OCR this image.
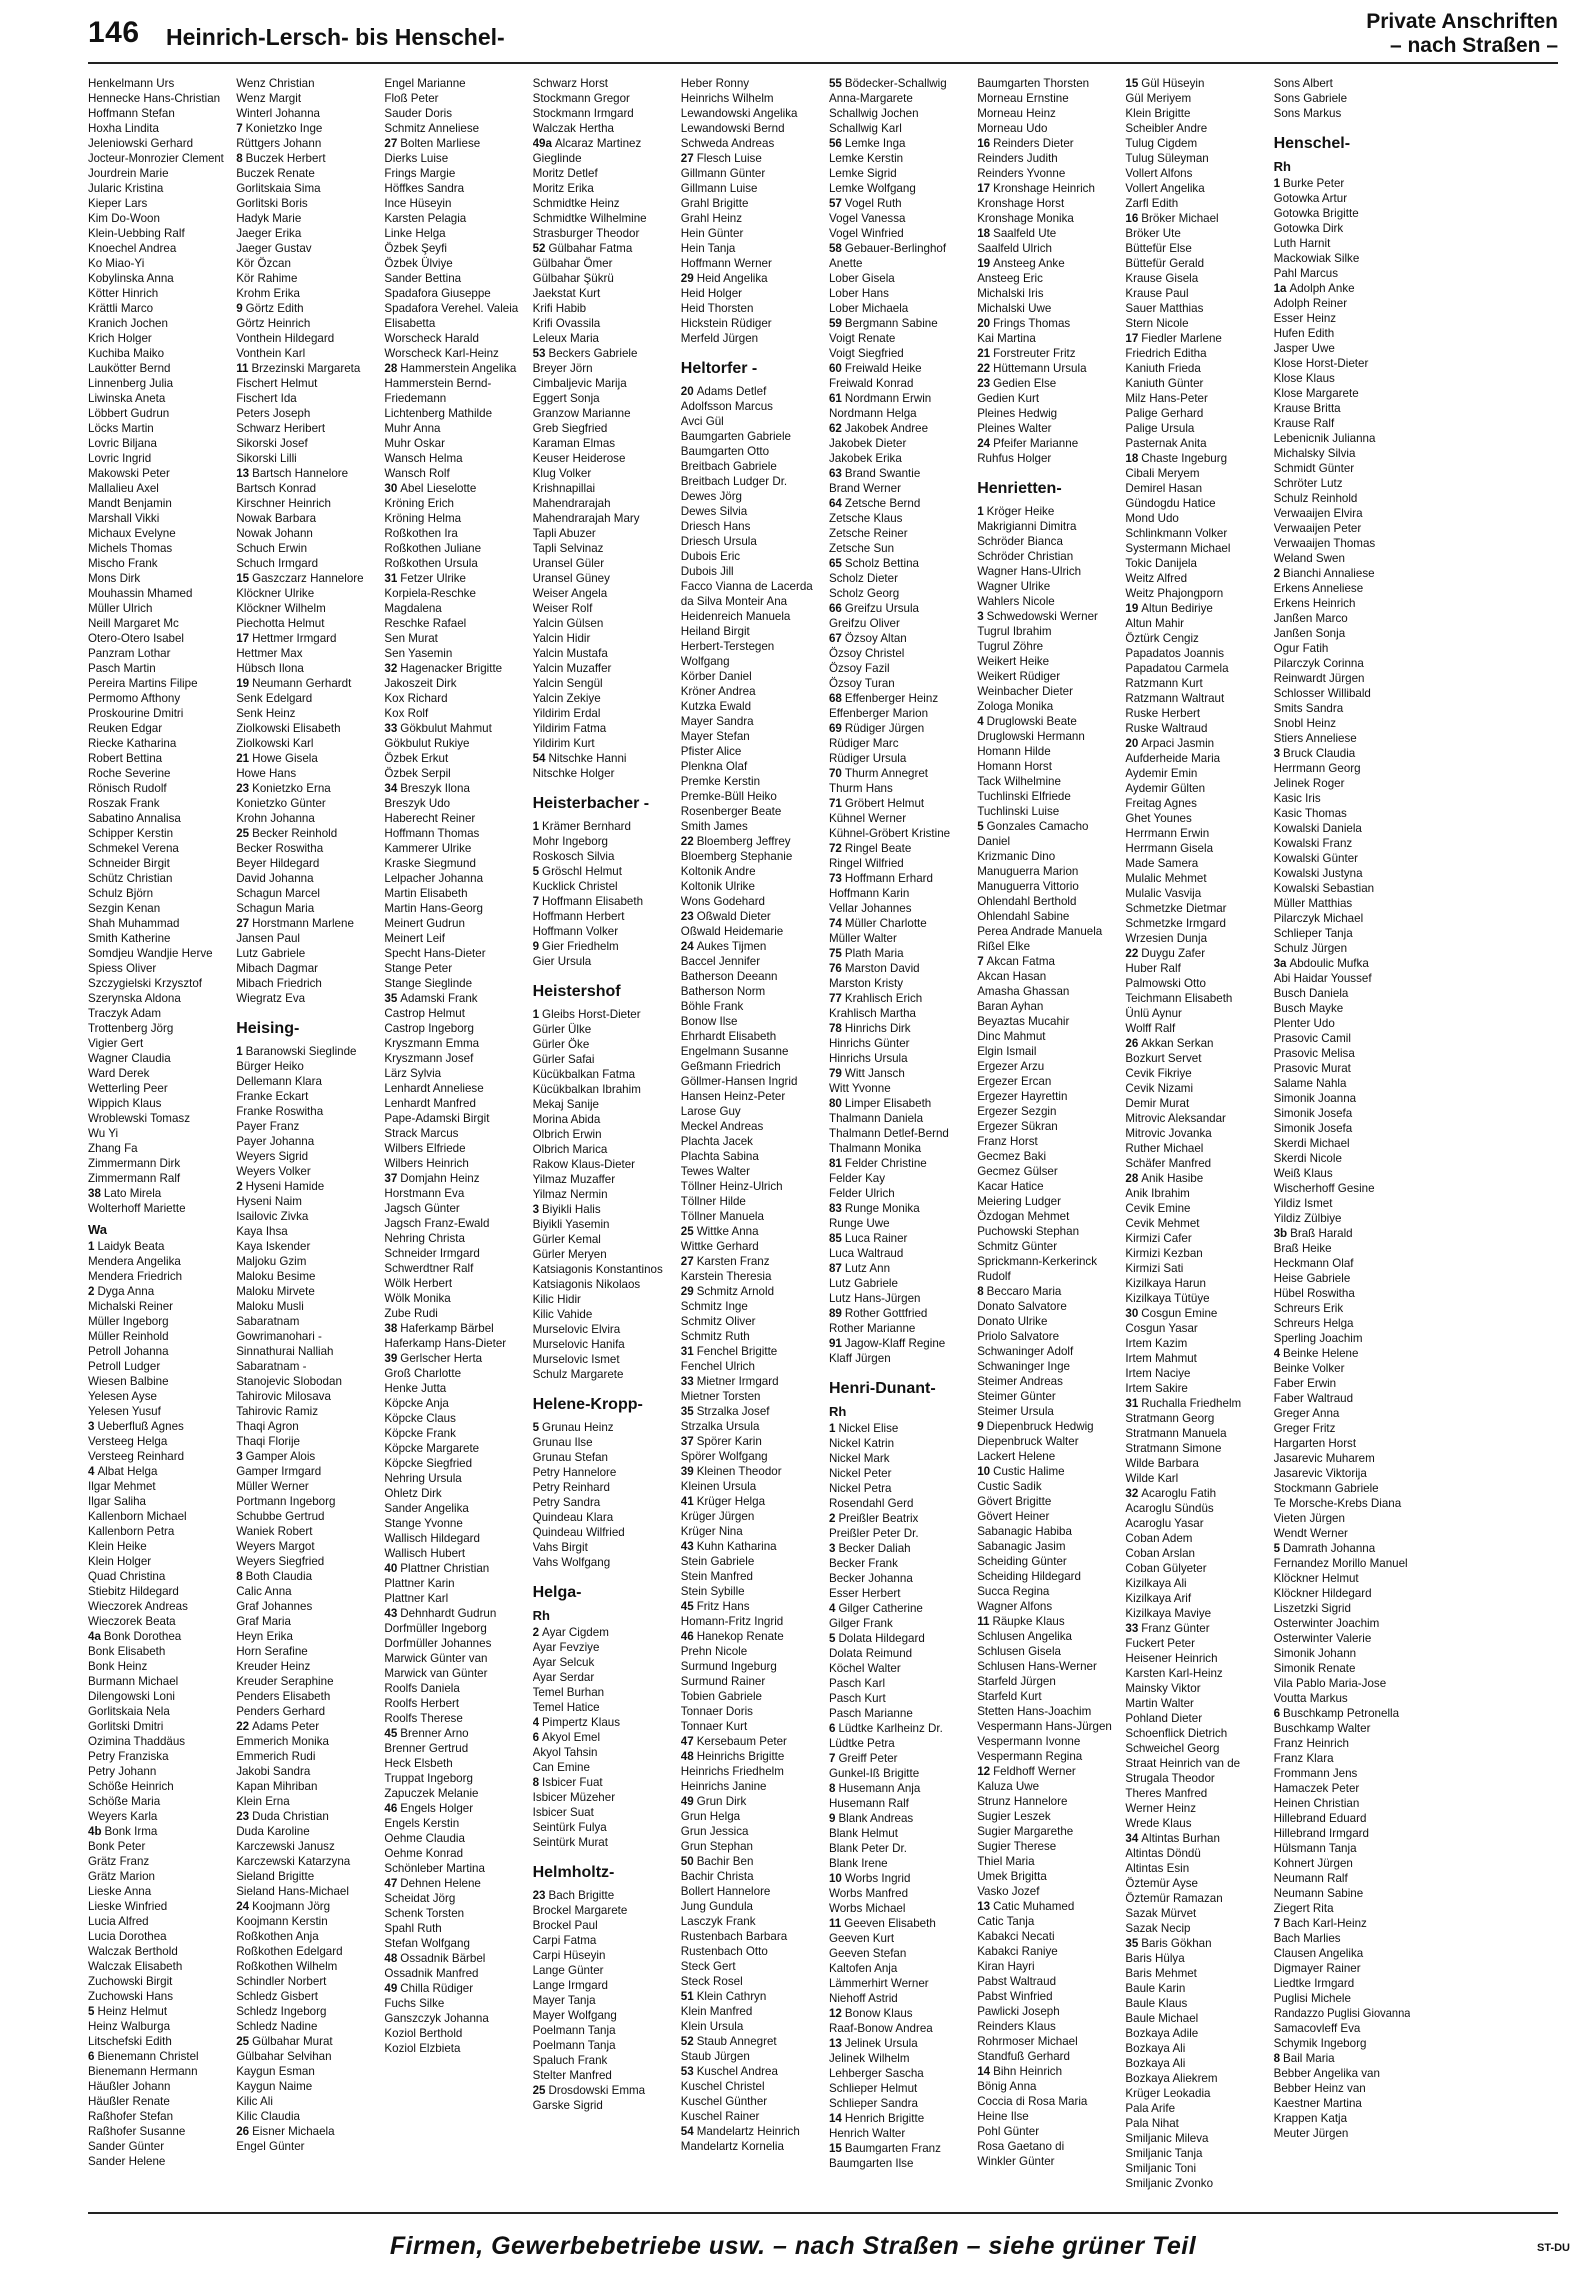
146 Heinrich-Lersch- bis Henschel-
Private Anschriften
– nach Straßen –
Henkelmann Urs
Hennecke Hans-Christian
Hoffmann Stefan
Hoxha Lindita
Jeleniowski Gerhard
Jocteur-Monrozier Clement
Jourdrein Marie
Jularic Kristina
Kieper Lars
Kim Do-Woon
Klein-Uebbing Ralf
Knoechel Andrea
Ko Miao-Yi
Kobylinska Anna
Kötter Hinrich
Krättli Marco
Kranich Jochen
Krich Holger
Kuchiba Maiko
Laukötter Bernd
Linnenberg Julia
Liwinska Aneta
Löbbert Gudrun
Löcks Martin
Lovric Biljana
Lovric Ingrid
Makowski Peter
Mallalieu Axel
Mandt Benjamin
Marshall Vikki
Michaux Evelyne
Michels Thomas
Mischo Frank
Mons Dirk
Mouhassin Mhamed
Müller Ulrich
Neill Margaret Mc
Otero-Otero Isabel
Panzram Lothar
Pasch Martin
Pereira Martins Filipe
Permomo Afthony
Proskourine Dmitri
Reuken Edgar
Riecke Katharina
Robert Bettina
Roche Severine
Rönisch Rudolf
Roszak Frank
Sabatino Annalisa
Schipper Kerstin
Schmekel Verena
Schneider Birgit
Schütz Christian
Schulz Björn
Sezgin Kenan
Shah Muhammad
Smith Katherine
Somdjeu Wandjie Herve
Spiess Oliver
Szczygielski Krzysztof
Szerynska Aldona
Traczyk Adam
Trottenberg Jörg
Vigier Gert
Wagner Claudia
Ward Derek
Wetterling Peer
Wippich Klaus
Wroblewski Tomasz
Wu Yi
Zhang Fa
Zimmermann Dirk
Zimmermann Ralf
38 Lato Mirela
Wolterhoff Mariette
Wa
1 Laidyk Beata
Mendera Angelika
Mendera Friedrich
2 Dyga Anna
Michalski Reiner
Müller Ingeborg
Müller Reinhold
Petroll Johanna
Petroll Ludger
Wiesen Balbine
Yelesen Ayse
Yelesen Yusuf
3 Ueberfluß Agnes
Versteeg Helga
Versteeg Reinhard
4 Albat Helga
Ilgar Mehmet
Ilgar Saliha
Kallenborn Michael
Kallenborn Petra
Klein Heike
Klein Holger
Quad Christina
Stiebitz Hildegard
Wieczorek Andreas
Wieczorek Beata
4a Bonk Dorothea
Bonk Elisabeth
Bonk Heinz
Burmann Michael
Dilengowski Loni
Gorlitskaia Nela
Gorlitski Dmitri
Ozimina Thaddäus
Petry Franziska
Petry Johann
Schöße Heinrich
Schöße Maria
Weyers Karla
4b Bonk Irma
Bonk Peter
Grätz Franz
Grätz Marion
Lieske Anna
Lieske Winfried
Lucia Alfred
Lucia Dorothea
Walczak Berthold
Walczak Elisabeth
Zuchowski Birgit
Zuchowski Hans
5 Heinz Helmut
Heinz Walburga
Litschefski Edith
6 Bienemann Christel
Bienemann Hermann
Häußler Johann
Häußler Renate
Raßhofer Stefan
Raßhofer Susanne
Sander Günter
Sander Helene
Wenz Christian
Wenz Margit
Winterl Johanna
7 Konietzko Inge
Rüttgers Johann
8 Buczek Herbert
Buczek Renate
Gorlitskaia Sima
Gorlitski Boris
Hadyk Marie
Jaeger Erika
Jaeger Gustav
Kör Özcan
Kör Rahime
Krohm Erika
9 Görtz Edith
Görtz Heinrich
Vonthein Hildegard
Vonthein Karl
11 Brzezinski Margareta
Fischert Helmut
Fischert Ida
Peters Joseph
Schwarz Heribert
Sikorski Josef
Sikorski Lilli
13 Bartsch Hannelore
Bartsch Konrad
Kirschner Heinrich
Nowak Barbara
Nowak Johann
Schuch Erwin
Schuch Irmgard
15 Gaszczarz Hannelore
Klöckner Ulrike
Klöckner Wilhelm
Piechotta Helmut
17 Hettmer Irmgard
Hettmer Max
Hübsch Ilona
19 Neumann Gerhardt
Senk Edelgard
Senk Heinz
Ziolkowski Elisabeth
Ziolkowski Karl
21 Howe Gisela
Howe Hans
23 Konietzko Erna
Konietzko Günter
Krohn Johanna
25 Becker Reinhold
Becker Roswitha
Beyer Hildegard
David Johanna
Schagun Marcel
Schagun Maria
27 Horstmann Marlene
Jansen Paul
Lutz Gabriele
Mibach Dagmar
Mibach Friedrich
Wiegratz Eva
Heising-
1 Baranowski Sieglinde
Bürger Heiko
Dellemann Klara
Franke Eckart
Franke Roswitha
Payer Franz
Payer Johanna
Weyers Sigrid
Weyers Volker
2 Hyseni Hamide
Hyseni Naim
Isailovic Zivka
Kaya Ihsa
Kaya Iskender
Maljoku Gzim
Maloku Besime
Maloku Mirvete
Maloku Musli
Sabaratnam
Gowrimanohari -
Sinnathurai Nalliah
Sabaratnam -
Stanojevic Slobodan
Tahirovic Milosava
Tahirovic Ramiz
Thaqi Agron
Thaqi Florije
3 Gamper Alois
Gamper Irmgard
Müller Werner
Portmann Ingeborg
Schubbe Gertrud
Waniek Robert
Weyers Margot
Weyers Siegfried
8 Both Claudia
Calic Anna
Graf Johannes
Graf Maria
Heyn Erika
Horn Serafine
Kreuder Heinz
Kreuder Seraphine
Penders Elisabeth
Penders Gerhard
22 Adams Peter
Emmerich Monika
Emmerich Rudi
Jakobi Sandra
Kapan Mihriban
Klein Erna
23 Duda Christian
Duda Karoline
Karczewski Janusz
Karczewski Katarzyna
Sieland Brigitte
Sieland Hans-Michael
24 Koojmann Jörg
Koojmann Kerstin
Roßkothen Anja
Roßkothen Edelgard
Roßkothen Wilhelm
Schindler Norbert
Schledz Gisbert
Schledz Ingeborg
Schledz Nadine
25 Gülbahar Murat
Gülbahar Selvihan
Kaygun Esman
Kaygun Naime
Kilic Ali
Kilic Claudia
26 Eisner Michaela
Engel Günter
Engel Marianne
Floß Peter
Sauder Doris
Schmitz Anneliese
27 Bolten Marliese
Dierks Luise
Frings Margie
Höffkes Sandra
Ince Hüseyin
Karsten Pelagia
Linke Helga
Özbek Şeyfi
Özbek Ülviye
Sander Bettina
Spadafora Giuseppe
Spadafora Verehel. Valeia
Elisabetta
Worscheck Harald
Worscheck Karl-Heinz
28 Hammerstein Angelika
Hammerstein Bernd-
Friedemann
Lichtenberg Mathilde
Muhr Anna
Muhr Oskar
Wansch Helma
Wansch Rolf
30 Abel Lieselotte
Kröning Erich
Kröning Helma
Roßkothen Ira
Roßkothen Juliane
Roßkothen Ursula
31 Fetzer Ulrike
Korpiela-Reschke
Magdalena
Reschke Rafael
Sen Murat
Sen Yasemin
32 Hagenacker Brigitte
Jakoszeit Dirk
Kox Richard
Kox Rolf
33 Gökbulut Mahmut
Gökbulut Rukiye
Özbek Erkut
Özbek Serpil
34 Breszyk Ilona
Breszyk Udo
Haberecht Reiner
Hoffmann Thomas
Kammerer Ulrike
Kraske Siegmund
Lelpacher Johanna
Martin Elisabeth
Martin Hans-Georg
Meinert Gudrun
Meinert Leif
Specht Hans-Dieter
Stange Peter
Stange Sieglinde
35 Adamski Frank
Castrop Helmut
Castrop Ingeborg
Kryszmann Emma
Kryszmann Josef
Lärz Sylvia
Lenhardt Anneliese
Lenhardt Manfred
Pape-Adamski Birgit
Strack Marcus
Wilbers Elfriede
Wilbers Heinrich
37 Domjahn Heinz
Horstmann Eva
Jagsch Günter
Jagsch Franz-Ewald
Nehring Christa
Schneider Irmgard
Schwerdtner Ralf
Wölk Herbert
Wölk Monika
Zube Rudi
38 Haferkamp Bärbel
Haferkamp Hans-Dieter
39 Gerlscher Herta
Groß Charlotte
Henke Jutta
Köpcke Anja
Köpcke Claus
Köpcke Frank
Köpcke Margarete
Köpcke Siegfried
Nehring Ursula
Ohletz Dirk
Sander Angelika
Stange Yvonne
Wallisch Hildegard
Wallisch Hubert
40 Plattner Christian
Plattner Karin
Plattner Karl
43 Dehnhardt Gudrun
Dorfmüller Ingeborg
Dorfmüller Johannes
Marwick Günter van
Marwick van Günter
Roolfs Daniela
Roolfs Herbert
Roolfs Therese
45 Brenner Arno
Brenner Gertrud
Heck Elsbeth
Truppat Ingeborg
Zapuczek Melanie
46 Engels Holger
Engels Kerstin
Oehme Claudia
Oehme Konrad
Schönleber Martina
47 Dehnen Helene
Scheidat Jörg
Schenk Torsten
Spahl Ruth
Stefan Wolfgang
48 Ossadnik Bärbel
Ossadnik Manfred
49 Chilla Rüdiger
Fuchs Silke
Ganszczyk Johanna
Koziol Berthold
Koziol Elzbieta
Schwarz Horst
Stockmann Gregor
Stockmann Irmgard
Walczak Hertha
49a Alcaraz Martinez
Gieglinde
Moritz Detlef
Moritz Erika
Schmidtke Heinz
Schmidtke Wilhelmine
Strasburger Theodor
52 Gülbahar Fatma
Gülbahar Ömer
Gülbahar Şükrü
Jaekstat Kurt
Krifi Habib
Krifi Ovassila
Leleux Maria
53 Beckers Gabriele
Breyer Jörn
Cimbaljevic Marija
Eggert Sonja
Granzow Marianne
Greb Siegfried
Karaman Elmas
Keuser Heiderose
Klug Volker
Krishnapillai
Mahendrarajah
Mahendrarajah Mary
Tapli Abuzer
Tapli Selvinaz
Uransel Güler
Uransel Güney
Weiser Angela
Weiser Rolf
Yalcin Gülsen
Yalcin Hidir
Yalcin Mustafa
Yalcin Muzaffer
Yalcin Sengül
Yalcin Zekiye
Yildirim Erdal
Yildirim Fatma
Yildirim Kurt
54 Nitschke Hanni
Nitschke Holger
Heisterbacher -
1 Krämer Bernhard
Mohr Ingeborg
Roskosch Silvia
5 Gröschl Helmut
Kucklick Christel
7 Hoffmann Elisabeth
Hoffmann Herbert
Hoffmann Volker
9 Gier Friedhelm
Gier Ursula
Heistershof
1 Gleibs Horst-Dieter
Gürler Ülke
Gürler Öke
Gürler Safai
Kücükbalkan Fatma
Kücükbalkan Ibrahim
Mekaj Sanije
Morina Abida
Olbrich Erwin
Olbrich Marica
Rakow Klaus-Dieter
Yilmaz Muzaffer
Yilmaz Nermin
3 Biyikli Halis
Biyikli Yasemin
Gürler Kemal
Gürler Meryen
Katsiagonis Konstantinos
Katsiagonis Nikolaos
Kilic Hidir
Kilic Vahide
Murselovic Elvira
Murselovic Hanifa
Murselovic Ismet
Schulz Margarete
Helene-Kropp-
5 Grunau Heinz
Grunau Ilse
Grunau Stefan
Petry Hannelore
Petry Reinhard
Petry Sandra
Quindeau Klara
Quindeau Wilfried
Vahs Birgit
Vahs Wolfgang
Helga-
Rh
2 Ayar Cigdem
Ayar Fevziye
Ayar Selcuk
Ayar Serdar
Temel Burhan
Temel Hatice
4 Pimpertz Klaus
6 Akyol Emel
Akyol Tahsin
Can Emine
8 Isbicer Fuat
Isbicer Müzeher
Isbicer Suat
Seintürk Fulya
Seintürk Murat
Helmholtz-
23 Bach Brigitte
Brockel Margarete
Brockel Paul
Carpi Fatma
Carpi Hüseyin
Lange Günter
Lange Irmgard
Mayer Tanja
Mayer Wolfgang
Poelmann Tanja
Poelmann Tanja
Spaluch Frank
Stelter Manfred
25 Drosdowski Emma
Garske Sigrid
Heber Ronny
Heinrichs Wilhelm
Lewandowski Angelika
Lewandowski Bernd
Schweda Andreas
27 Flesch Luise
Gillmann Günter
Gillmann Luise
Grahl Brigitte
Grahl Heinz
Hein Günter
Hein Tanja
Hoffmann Werner
29 Heid Angelika
Heid Holger
Heid Thorsten
Hickstein Rüdiger
Merfeld Jürgen
Heltorfer -
20 Adams Detlef
Adolfsson Marcus
Avci Gül
Baumgarten Gabriele
Baumgarten Otto
Breitbach Gabriele
Breitbach Ludger Dr.
Dewes Jörg
Dewes Silvia
Driesch Hans
Driesch Ursula
Dubois Eric
Dubois Jill
Facco Vianna de Lacerda
da Silva Monteir Ana
Heidenreich Manuela
Heiland Birgit
Herbert-Terstegen
Wolfgang
Körber Daniel
Kröner Andrea
Kutzka Ewald
Mayer Sandra
Mayer Stefan
Pfister Alice
Plenkna Olaf
Premke Kerstin
Premke-Büll Heiko
Rosenberger Beate
Smith James
22 Bloemberg Jeffrey
Bloemberg Stephanie
Koltonik Andre
Koltonik Ulrike
Wons Godehard
23 Oßwald Dieter
Oßwald Heidemarie
24 Aukes Tijmen
Baccel Jennifer
Batherson Deeann
Batherson Norm
Böhle Frank
Bonow Ilse
Ehrhardt Elisabeth
Engelmann Susanne
Geßmann Friedrich
Göllmer-Hansen Ingrid
Hansen Heinz-Peter
Larose Guy
Meckel Andreas
Plachta Jacek
Plachta Sabina
Tewes Walter
Töllner Heinz-Ulrich
Töllner Hilde
Töllner Manuela
25 Wittke Anna
Wittke Gerhard
27 Karsten Franz
Karstein Theresia
29 Schmitz Arnold
Schmitz Inge
Schmitz Oliver
Schmitz Ruth
31 Fenchel Brigitte
Fenchel Ulrich
33 Mietner Irmgard
Mietner Torsten
35 Strzalka Josef
Strzalka Ursula
37 Spörer Karin
Spörer Wolfgang
39 Kleinen Theodor
Kleinen Ursula
41 Krüger Helga
Krüger Jürgen
Krüger Nina
43 Kuhn Katharina
Stein Gabriele
Stein Manfred
Stein Sybille
45 Fritz Hans
Homann-Fritz Ingrid
46 Hanekop Renate
Prehn Nicole
Surmund Ingeburg
Surmund Rainer
Tobien Gabriele
Tonnaer Doris
Tonnaer Kurt
47 Kersebaum Peter
48 Heinrichs Brigitte
Heinrichs Friedhelm
Heinrichs Janine
49 Grun Dirk
Grun Helga
Grun Jessica
Grun Stephan
50 Bachir Ben
Bachir Christa
Bollert Hannelore
Jung Gundula
Lasczyk Frank
Rustenbach Barbara
Rustenbach Otto
Steck Gert
Steck Rosel
51 Klein Cathryn
Klein Manfred
Klein Ursula
52 Staub Annegret
Staub Jürgen
53 Kuschel Andrea
Kuschel Christel
Kuschel Günther
Kuschel Rainer
54 Mandelartz Heinrich
Mandelartz Kornelia
55 Bödecker-Schallwig
Anna-Margarete
Schallwig Jochen
Schallwig Karl
56 Lemke Inga
Lemke Kerstin
Lemke Sigrid
Lemke Wolfgang
57 Vogel Ruth
Vogel Vanessa
Vogel Winfried
58 Gebauer-Berlinghof
Anette
Lober Gisela
Lober Hans
Lober Michaela
59 Bergmann Sabine
Voigt Renate
Voigt Siegfried
60 Freiwald Heike
Freiwald Konrad
61 Nordmann Erwin
Nordmann Helga
62 Jakobek Andree
Jakobek Dieter
Jakobek Erika
63 Brand Swantie
Brand Werner
64 Zetsche Bernd
Zetsche Klaus
Zetsche Reiner
Zetsche Sun
65 Scholz Bettina
Scholz Dieter
Scholz Georg
66 Greifzu Ursula
Greifzu Oliver
67 Özsoy Altan
Özsoy Christel
Özsoy Fazil
Özsoy Turan
68 Effenberger Heinz
Effenberger Marion
69 Rüdiger Jürgen
Rüdiger Marc
Rüdiger Ursula
70 Thurm Annegret
Thurm Hans
71 Gröbert Helmut
Kühnel Werner
Kühnel-Gröbert Kristine
72 Ringel Beate
Ringel Wilfried
73 Hoffmann Erhard
Hoffmann Karin
Vellar Johannes
74 Müller Charlotte
Müller Walter
75 Plath Maria
76 Marston David
Marston Kristy
77 Krahlisch Erich
Krahlisch Martha
78 Hinrichs Dirk
Hinrichs Günter
Hinrichs Ursula
79 Witt Jansch
Witt Yvonne
80 Limper Elisabeth
Thalmann Daniela
Thalmann Detlef-Bernd
Thalmann Monika
81 Felder Christine
Felder Kay
Felder Ulrich
83 Runge Monika
Runge Uwe
85 Luca Rainer
Luca Waltraud
87 Lutz Ann
Lutz Gabriele
Lutz Hans-Jürgen
89 Rother Gottfried
Rother Marianne
91 Jagow-Klaff Regine
Klaff Jürgen
Henri-Dunant-
Rh
1 Nickel Elise
Nickel Katrin
Nickel Mark
Nickel Peter
Nickel Petra
Rosendahl Gerd
2 Preißler Beatrix
Preißler Peter Dr.
3 Becker Daliah
Becker Frank
Becker Johanna
Esser Herbert
4 Gilger Catherine
Gilger Frank
5 Dolata Hildegard
Dolata Reimund
Köchel Walter
Pasch Karl
Pasch Kurt
Pasch Marianne
6 Lüdtke Karlheinz Dr.
Lüdtke Petra
7 Greiff Peter
Gunkel-Iß Brigitte
8 Husemann Anja
Husemann Ralf
9 Blank Andreas
Blank Helmut
Blank Peter Dr.
Blank Irene
10 Worbs Ingrid
Worbs Manfred
Worbs Michael
11 Geeven Elisabeth
Geeven Kurt
Geeven Stefan
Kaltofen Anja
Lämmerhirt Werner
Niehoff Astrid
12 Bonow Klaus
Raaf-Bonow Andrea
13 Jelinek Ursula
Jelinek Wilhelm
Lehberger Sascha
Schlieper Helmut
Schlieper Sandra
14 Henrich Brigitte
Henrich Walter
15 Baumgarten Franz
Baumgarten Ilse
Baumgarten Thorsten
Morneau Ernstine
Morneau Heinz
Morneau Udo
16 Reinders Dieter
Reinders Judith
Reinders Yvonne
17 Kronshage Heinrich
Kronshage Horst
Kronshage Monika
18 Saalfeld Ute
Saalfeld Ulrich
19 Ansteeg Anke
Ansteeg Eric
Michalski Iris
Michalski Uwe
20 Frings Thomas
Kai Martina
21 Forstreuter Fritz
22 Hüttemann Ursula
23 Gedien Else
Gedien Kurt
Pleines Hedwig
Pleines Walter
24 Pfeifer Marianne
Ruhfus Holger
Henrietten-
1 Kröger Heike
Makrigianni Dimitra
Schröder Bianca
Schröder Christian
Wagner Hans-Ulrich
Wagner Ulrike
Wahlers Nicole
3 Schwedowski Werner
Tugrul Ibrahim
Tugrul Zöhre
Weikert Heike
Weikert Rüdiger
Weinbacher Dieter
Zologa Monika
4 Druglowski Beate
Druglowski Hermann
Homann Hilde
Homann Horst
Tack Wilhelmine
Tuchlinski Elfriede
Tuchlinski Luise
5 Gonzales Camacho
Daniel
Krizmanic Dino
Manuguerra Marion
Manuguerra Vittorio
Ohlendahl Berthold
Ohlendahl Sabine
Perea Andrade Manuela
Rißel Elke
7 Akcan Fatma
Akcan Hasan
Amasha Ghassan
Baran Ayhan
Beyaztas Mucahir
Dinc Mahmut
Elgin Ismail
Ergezer Arzu
Ergezer Ercan
Ergezer Hayrettin
Ergezer Sezgin
Ergezer Sükran
Franz Horst
Gecmez Baki
Gecmez Gülser
Kacar Hatice
Meiering Ludger
Özdogan Mehmet
Puchowski Stephan
Schmitz Günter
Sprickmann-Kerkerinck
Rudolf
8 Beccaro Maria
Donato Salvatore
Donato Ulrike
Priolo Salvatore
Schwaninger Adolf
Schwaninger Inge
Steimer Andreas
Steimer Günter
Steimer Ursula
9 Diepenbruck Hedwig
Diepenbruck Walter
Lackert Helene
10 Custic Halime
Custic Sadik
Gövert Brigitte
Gövert Heiner
Sabanagic Habiba
Sabanagic Jasim
Scheiding Günter
Scheiding Hildegard
Succa Regina
Wagner Alfons
11 Räupke Klaus
Schlusen Angelika
Schlusen Gisela
Schlusen Hans-Werner
Starfeld Jürgen
Starfeld Kurt
Stetten Hans-Joachim
Vespermann Hans-Jürgen
Vespermann Ivonne
Vespermann Regina
12 Feldhoff Werner
Kaluza Uwe
Strunz Hannelore
Sugier Leszek
Sugier Margarethe
Sugier Therese
Thiel Maria
Umek Brigitta
Vasko Jozef
13 Catic Muhamed
Catic Tanja
Kabakci Necati
Kabakci Raniye
Kiran Hayri
Pabst Waltraud
Pabst Winfried
Pawlicki Joseph
Reinders Klaus
Rohrmoser Michael
Standfuß Gerhard
14 Bihn Heinrich
Bönig Anna
Coccia di Rosa Maria
Heine Ilse
Pohl Günter
Rosa Gaetano di
Winkler Günter
15 Gül Hüseyin
Gül Meriyem
Klein Brigitte
Scheibler Andre
Tulug Cigdem
Tulug Süleyman
Vollert Alfons
Vollert Angelika
Zarfl Edith
16 Bröker Michael
Bröker Ute
Büttefür Else
Büttefür Gerald
Krause Gisela
Krause Paul
Sauer Matthias
Stern Nicole
17 Fiedler Marlene
Friedrich Editha
Kaniuth Frieda
Kaniuth Günter
Milz Hans-Peter
Palige Gerhard
Palige Ursula
Pasternak Anita
18 Chaste Ingeburg
Cibali Meryem
Demirel Hasan
Gündogdu Hatice
Mond Udo
Schlinkmann Volker
Systermann Michael
Tokic Danijela
Weitz Alfred
Weitz Phajongporn
19 Altun Bediriye
Altun Mahir
Öztürk Cengiz
Papadatos Joannis
Papadatou Carmela
Ratzmann Kurt
Ratzmann Waltraut
Ruske Herbert
Ruske Waltraud
20 Arpaci Jasmin
Aufderheide Maria
Aydemir Emin
Aydemir Gülten
Freitag Agnes
Ghet Younes
Herrmann Erwin
Herrmann Gisela
Made Samera
Mulalic Mehmet
Mulalic Vasvija
Schmetzke Dietmar
Schmetzke Irmgard
Wrzesien Dunja
22 Duygu Zafer
Huber Ralf
Palmowski Otto
Teichmann Elisabeth
Ünlü Aynur
Wolff Ralf
26 Akkan Serkan
Bozkurt Servet
Cevik Fikriye
Cevik Nizami
Demir Murat
Mitrovic Aleksandar
Mitrovic Jovanka
Ruther Michael
Schäfer Manfred
28 Anik Hasibe
Anik Ibrahim
Cevik Emine
Cevik Mehmet
Kirmizi Cafer
Kirmizi Kezban
Kirmizi Sati
Kizilkaya Harun
Kizilkaya Tütüye
30 Cosgun Emine
Cosgun Yasar
Irtem Kazim
Irtem Mahmut
Irtem Naciye
Irtem Sakire
31 Ruchalla Friedhelm
Stratmann Georg
Stratmann Manuela
Stratmann Simone
Wilde Barbara
Wilde Karl
32 Acaroglu Fatih
Acaroglu Sündüs
Acaroglu Yasar
Coban Adem
Coban Arslan
Coban Gülyeter
Kizilkaya Ali
Kizilkaya Arif
Kizilkaya Maviye
33 Franz Günter
Fuckert Peter
Heisener Heinrich
Karsten Karl-Heinz
Mainsky Viktor
Martin Walter
Pohland Dieter
Schoenflick Dietrich
Schweichel Georg
Straat Heinrich van de
Strugala Theodor
Theres Manfred
Werner Heinz
Wrede Klaus
34 Altintas Burhan
Altintas Döndü
Altintas Esin
Öztemür Ayse
Öztemür Ramazan
Sazak Mürvet
Sazak Necip
35 Baris Gökhan
Baris Hülya
Baris Mehmet
Baule Karin
Baule Klaus
Baule Michael
Bozkaya Adile
Bozkaya Ali
Bozkaya Ali
Bozkaya Aliekrem
Krüger Leokadia
Pala Arife
Pala Nihat
Smiljanic Mileva
Smiljanic Tanja
Smiljanic Toni
Smiljanic Zvonko
Sons Albert
Sons Gabriele
Sons Markus
Henschel-
Rh
1 Burke Peter
Gotowka Artur
Gotowka Brigitte
Gotowka Dirk
Luth Harnit
Mackowiak Silke
Pahl Marcus
1a Adolph Anke
Adolph Reiner
Esser Heinz
Hufen Edith
Jasper Uwe
Klose Horst-Dieter
Klose Klaus
Klose Margarete
Krause Britta
Krause Ralf
Lebenicnik Julianna
Michalsky Silvia
Schmidt Günter
Schröter Lutz
Schulz Reinhold
Verwaaijen Elvira
Verwaaijen Peter
Verwaaijen Thomas
Weland Swen
2 Bianchi Annaliese
Erkens Anneliese
Erkens Heinrich
Janßen Marco
Janßen Sonja
Ogur Fatih
Pilarczyk Corinna
Reinwardt Jürgen
Schlosser Willibald
Smits Sandra
Snobl Heinz
Stiers Anneliese
3 Bruck Claudia
Herrmann Georg
Jelinek Roger
Kasic Iris
Kasic Thomas
Kowalski Daniela
Kowalski Franz
Kowalski Günter
Kowalski Justyna
Kowalski Sebastian
Müller Matthias
Pilarczyk Michael
Schlieper Tanja
Schulz Jürgen
3a Abdoulic Mufka
Abi Haidar Youssef
Busch Daniela
Busch Mayke
Plenter Udo
Prasovic Camil
Prasovic Melisa
Prasovic Murat
Salame Nahla
Simonik Joanna
Simonik Josefa
Simonik Josefa
Skerdi Michael
Skerdi Nicole
Weiß Klaus
Wischerhoff Gesine
Yildiz Ismet
Yildiz Zülbiye
3b Braß Harald
Braß Heike
Heckmann Olaf
Heise Gabriele
Hübel Roswitha
Schreurs Erik
Schreurs Helga
Sperling Joachim
4 Beinke Helene
Beinke Volker
Faber Erwin
Faber Waltraud
Greger Anna
Greger Fritz
Hargarten Horst
Jasarevic Muharem
Jasarevic Viktorija
Stockmann Gabriele
Te Morsche-Krebs Diana
Vieten Jürgen
Wendt Werner
5 Damrath Johanna
Fernandez Morillo Manuel
Klöckner Helmut
Klöckner Hildegard
Liszetzki Sigrid
Osterwinter Joachim
Osterwinter Valerie
Simonik Johann
Simonik Renate
Vila Pablo Maria-Jose
Voutta Markus
6 Buschkamp Petronella
Buschkamp Walter
Franz Heinrich
Franz Klara
Frommann Jens
Hamaczek Peter
Heinen Christian
Hillebrand Eduard
Hillebrand Irmgard
Hülsmann Tanja
Kohnert Jürgen
Neumann Ralf
Neumann Sabine
Ziegert Rita
7 Bach Karl-Heinz
Bach Marlies
Clausen Angelika
Digmayer Rainer
Liedtke Irmgard
Puglisi Michele
Randazzo Puglisi Giovanna
Samacovleff Eva
Schymik Ingeborg
8 Bail Maria
Bebber Angelika van
Bebber Heinz van
Kaestner Martina
Krappen Katja
Meuter Jürgen
Firmen, Gewerbebetriebe usw. – nach Straßen – siehe grüner Teil	ST-DU
